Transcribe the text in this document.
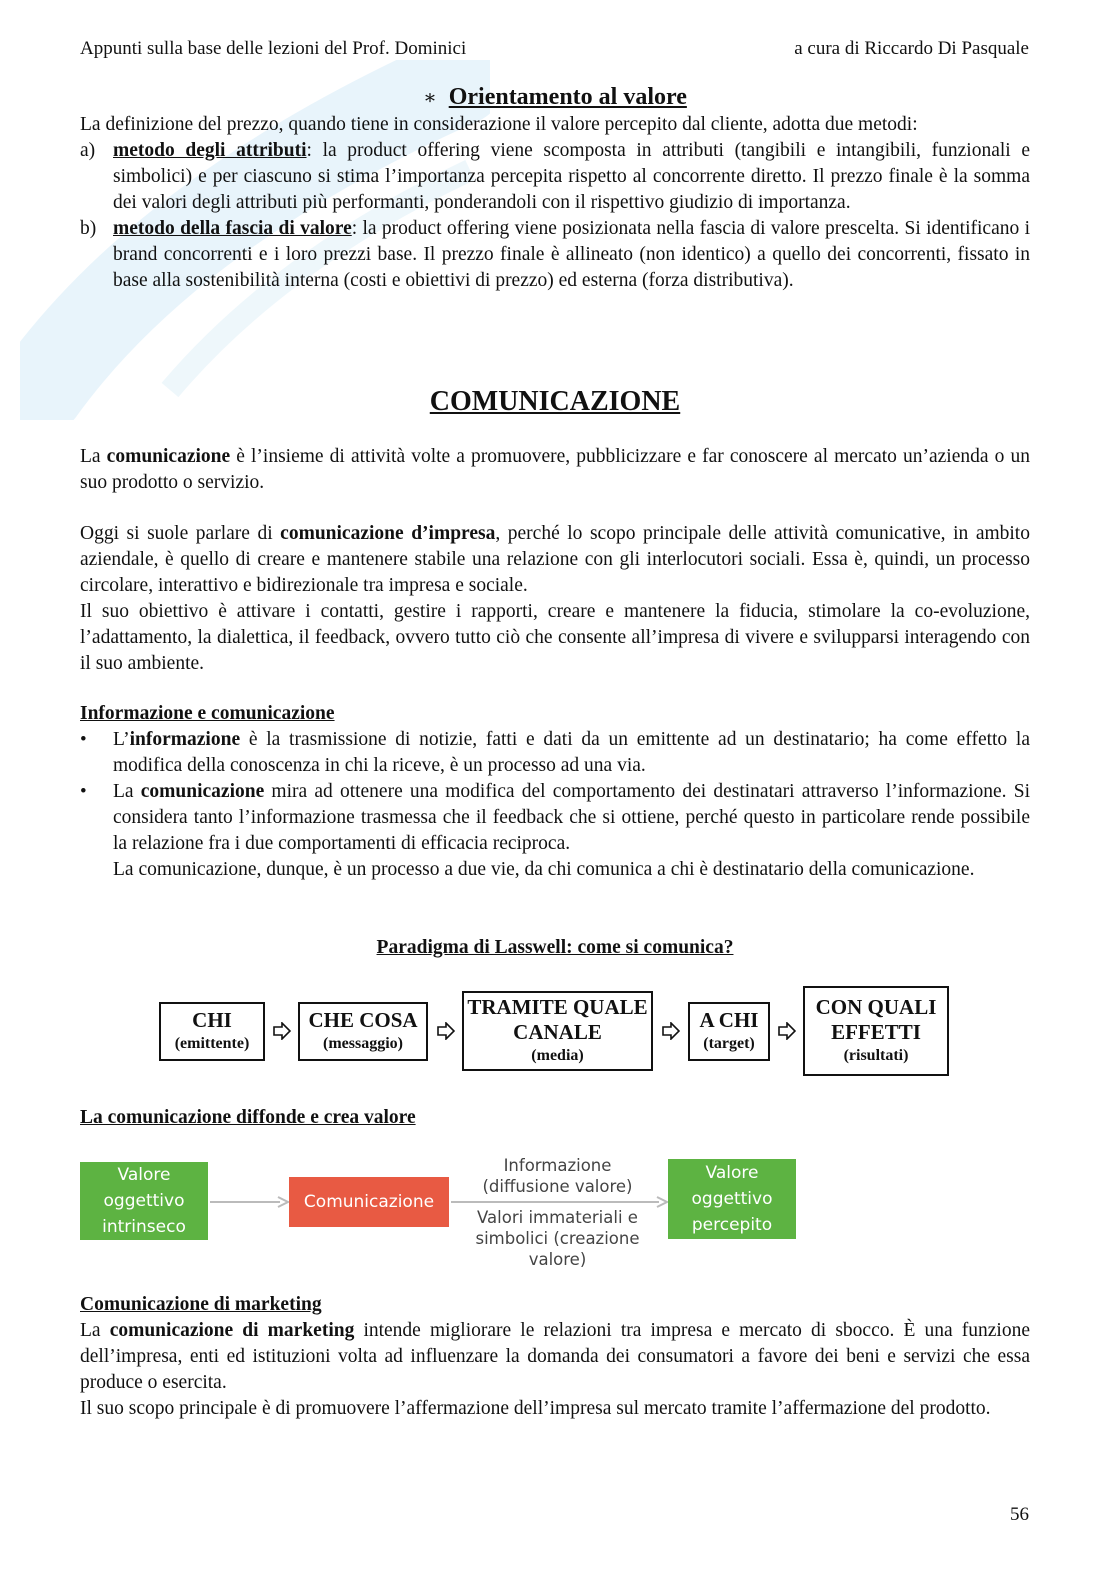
Appunti sulla base delle lezioni del Prof. Dominici	a cura di Riccardo Di Pasquale
∗ Orientamento al valore

La definizione del prezzo, quando tiene in considerazione il valore percepito dal cliente, adotta due metodi:

a) metodo degli attributi: la product offering viene scomposta in attributi (tangibili e intangibili, funzionali e simbolici) e per ciascuno si stima l’importanza percepita rispetto al concorrente diretto. Il prezzo finale è la somma dei valori degli attributi più performanti, ponderandoli con il rispettivo giudizio di importanza.
b) metodo della fascia di valore: la product offering viene posizionata nella fascia di valore prescelta. Si identificano i brand concorrenti e i loro prezzi base. Il prezzo finale è allineato (non identico) a quello dei concorrenti, fissato in base alla sostenibilità interna (costi e obiettivi di prezzo) ed esterna (forza distributiva).
COMUNICAZIONE

La comunicazione è l’insieme di attività volte a promuovere, pubblicizzare e far conoscere al mercato un’azienda o un suo prodotto o servizio.

Oggi si suole parlare di comunicazione d’impresa, perché lo scopo principale delle attività comunicative, in ambito aziendale, è quello di creare e mantenere stabile una relazione con gli interlocutori sociali. Essa è, quindi, un processo circolare, interattivo e bidirezionale tra impresa e sociale.

Il suo obiettivo è attivare i contatti, gestire i rapporti, creare e mantenere la fiducia, stimolare la co-evoluzione, l’adattamento, la dialettica, il feedback, ovvero tutto ciò che consente all’impresa di vivere e svilupparsi interagendo con il suo ambiente.

Informazione e comunicazione
•	L’informazione è la trasmissione di notizie, fatti e dati da un emittente ad un destinatario; ha come effetto la modifica della conoscenza in chi la riceve, è un processo ad una via.
•	La comunicazione mira ad ottenere una modifica del comportamento dei destinatari attraverso l’informazione. Si considera tanto l’informazione trasmessa che il feedback che si ottiene, perché questo in particolare rende possibile la relazione fra i due comportamenti di efficacia reciproca.
La comunicazione, dunque, è un processo a due vie, da chi comunica a chi è destinatario della comunicazione.
Paradigma di Lasswell: come si comunica?
CHI
(emittente)
CHE COSA
(messaggio)
TRAMITE QUALE CANALE
(media)
A CHI
(target)
CON QUALI EFFETTI
(risultati)
La comunicazione diffonde e crea valore
Valore oggettivo intrinseco
Comunicazione
Informazione (diffusione valore)
Valori immateriali e simbolici (creazione valore)
Valore oggettivo percepito
Comunicazione di marketing

La comunicazione di marketing intende migliorare le relazioni tra impresa e mercato di sbocco. È una funzione dell’impresa, enti ed istituzioni volta ad influenzare la domanda dei consumatori a favore dei beni e servizi che essa produce o esercita.

Il suo scopo principale è di promuovere l’affermazione dell’impresa sul mercato tramite l’affermazione del prodotto.

56
